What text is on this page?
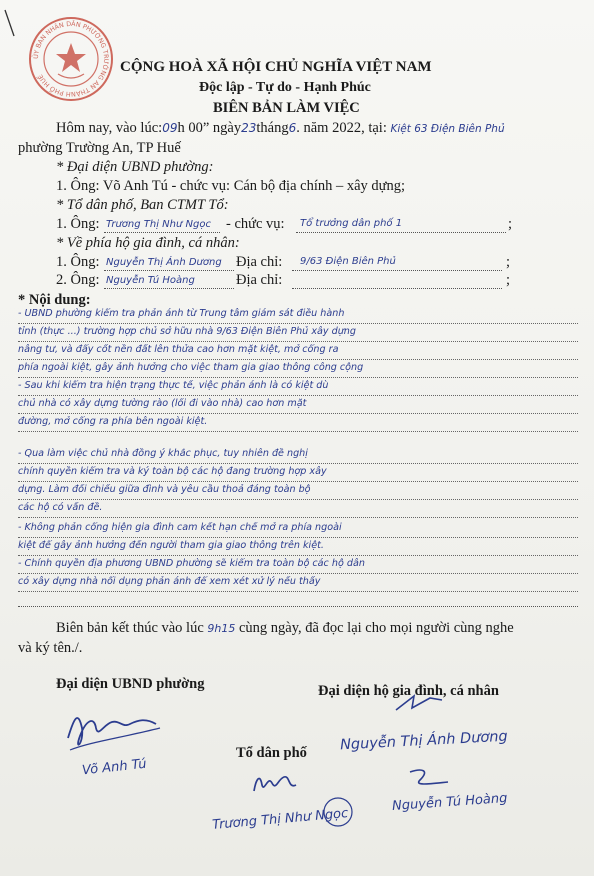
ỦY BAN NHÂN DÂN PHƯỜNG TRƯỜNG AN THÀNH PHỐ HUẾ
CỘNG HOÀ XÃ HỘI CHỦ NGHĨA VIỆT NAM
Độc lập - Tự do - Hạnh Phúc
BIÊN BẢN LÀM VIỆC
Hôm nay, vào lúc:09h 00” ngày23tháng6. năm 2022, tại: Kiệt 63 Điện Biên Phủ
phường Trường An, TP Huế
* Đại diện UBND phường:
1. Ông: Võ Anh Tú - chức vụ: Cán bộ địa chính – xây dựng;
* Tổ dân phố, Ban CTMT Tổ:
1. Ông: Trương Thị Như Ngọc - chức vụ: Tổ trưởng dân phố 1	;
* Về phía hộ gia đình, cá nhân:
1. Ông: Nguyễn Thị Ánh Dương Địa chỉ: 9/63 Điện Biên Phủ	;
2. Ông: Nguyễn Tú Hoàng	Địa chỉ:	;
* Nội dung:
- UBND phường kiểm tra phản ánh từ Trung tâm giám sát điều hành
tỉnh (thực ...) trường hợp chủ sở hữu nhà 9/63 Điện Biên Phủ xây dựng
nâng tư, và đẩy cốt nền đất lên thửa cao hơn mặt kiệt, mở cổng ra
phía ngoài kiệt, gây ảnh hưởng cho việc tham gia giao thông công cộng
- Sau khi kiểm tra hiện trạng thực tế, việc phản ánh là có kiệt dù
chủ nhà có xây dựng tường rào (lối đi vào nhà) cao hơn mặt
đường, mở cổng ra phía bên ngoài kiệt.
- Qua làm việc chủ nhà đồng ý khắc phục, tuy nhiên đề nghị
chính quyền kiểm tra và ký toàn bộ các hộ đang trường hợp xây
dựng. Làm đối chiếu giữa đình và yêu cầu thoả đáng toàn bộ
các hộ có vấn đề.
- Không phản cổng hiện gia đình cam kết hạn chế mở ra phía ngoài
kiệt để gây ảnh hưởng đến người tham gia giao thông trên kiệt.
- Chính quyền địa phương UBND phường sẽ kiểm tra toàn bộ các hộ dân
có xây dựng nhà nổi dụng phản ánh để xem xét xử lý nếu thấy
Biên bản kết thúc vào lúc 9h15 cùng ngày, đã đọc lại cho mọi người cùng nghe
và ký tên./.
Đại diện UBND phường	Đại diện hộ gia đình, cá nhân
Tổ dân phố
Võ Anh Tú
Nguyễn Thị Ánh Dương
Nguyễn Tú Hoàng
Trương Thị Như Ngọc
